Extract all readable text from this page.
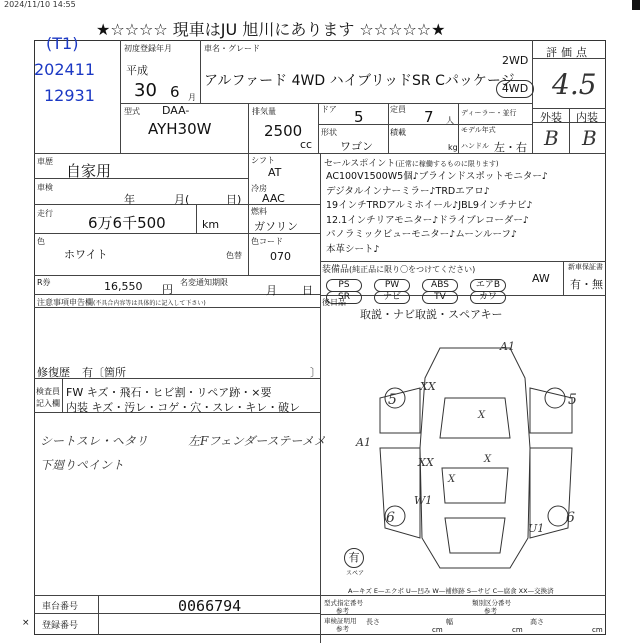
2024/11/10 14:55
★☆☆☆☆ 現車はJU 旭川にあります ☆☆☆☆☆★
(T1)
202411
12931
初度登録年月
平成
30 6 月
型式 DAA-
AYH30W
車名・グレード
アルファード 4WD ハイブリッドSR Cパッケージ
2WD
4WD
排気量
2500
cc
ドア 5	定員 7 人
形状
ワゴン
積載
kg
ディーラー・並行
モデル年式
ハンドル 左・右
評価点
4.5
外装 内装
B B
車歴
自家用
車検
年	月(	日)
走行
6万6千500	km
色
ホワイト	色替
シフト
AT
冷房
AAC
燃料
ガソリン
色コード
070
R券	16,550 円
名変通知期限
月 日
セールスポイント(正常に稼働するものに限ります)
AC100V1500W5個♪ブラインドスポットモニター♪
デジタルインナーミラー♪TRDエアロ♪
19インチTRDアルミホイール♪JBL9インチナビ♪
12.1インチリアモニター♪ドライブレコーダー♪
パノラミックビューモニター♪ムーンルーフ♪
本革シート♪
装備品(純正品に限り〇をつけてください)	新車保証書
有・無
PS	PW	ABS	エアB
SR	ナビ	TV	カワ
AW
後日品
取説・ナビ取説・スペアキー
注意事項申告欄(不具合内容等は具体的に記入して下さい)
修復歴 有〔箇所	〕
検査員
記入欄
FW キズ・飛石・ヒビ割・リペア跡・×要
内装 キズ・汚レ・コゲ・穴・スレ・キレ・破レ
シートスレ・ヘタリ
下廻りペイント
左Fフェンダーステーメメ
A1
XX
5	5
X
A1
XX
W1
6
U1
6
X
X
有
スペア
A—キズ E—エクボ U—凹み W—補修跡 S—サビ C—腐食 XX—交換済
車台番号	0066794
登録番号
×
型式指定番号
参考
類別区分番号
参考
車検証明用
参考
長さ
cm
幅
cm
高さ
cm
